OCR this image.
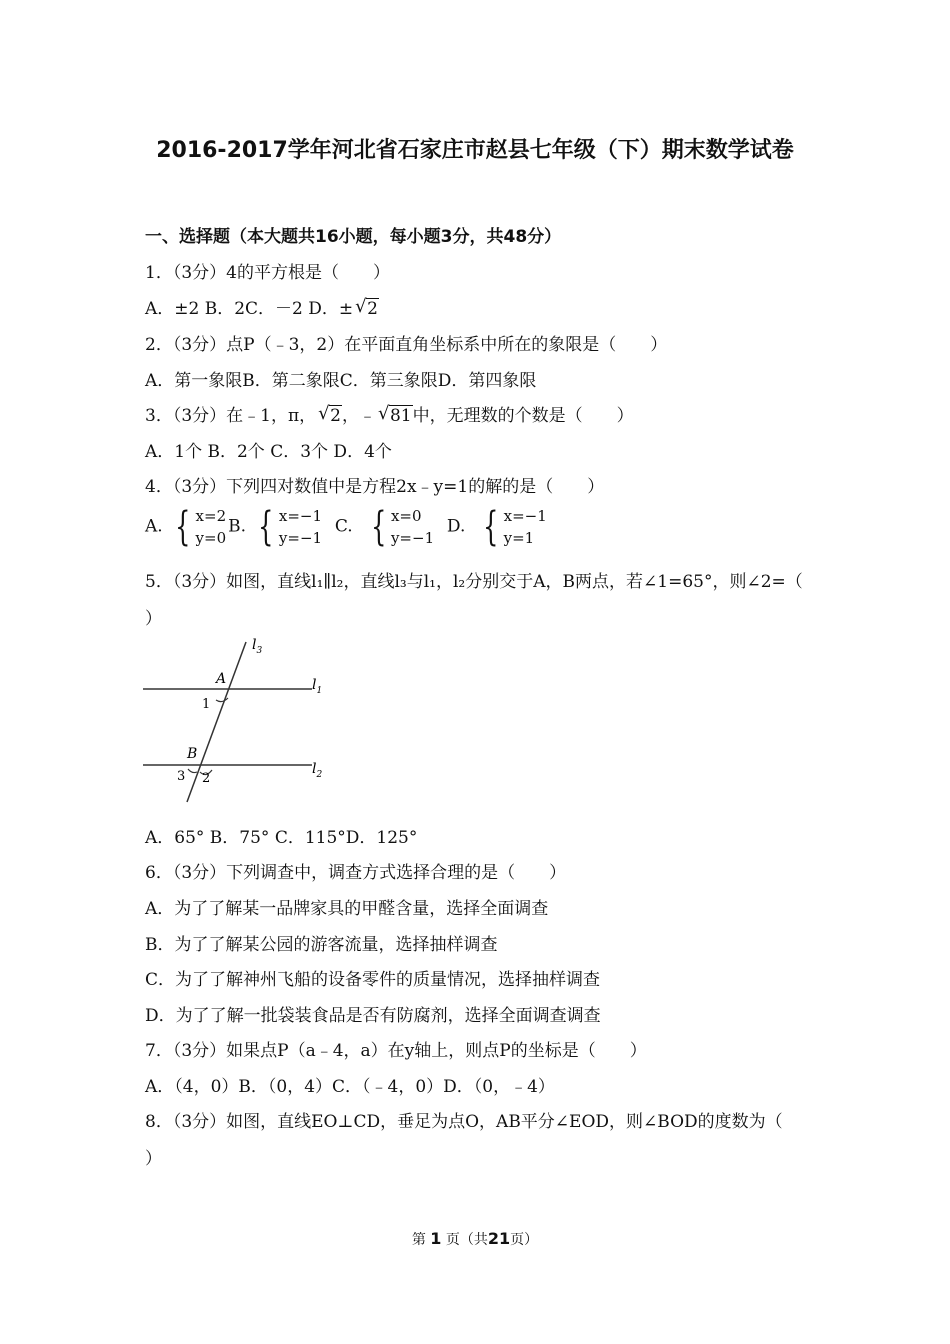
2016-2017学年河北省石家庄市赵县七年级（下）期末数学试卷
一、选择题（本大题共16小题，每小题3分，共48分）
1．（3分）4的平方根是（　　）
A．±2 B．2C．－2 D．± √ 2
2．（3分）点P（﹣3，2）在平面直角坐标系中所在的象限是（　　）
A．第一象限B．第二象限C．第三象限D．第四象限
3．（3分）在﹣1，π， √ 2，﹣ √ 81中，无理数的个数是（　　）
A．1个 B．2个 C．3个 D．4个
4．（3分）下列四对数值中是方程2x﹣y=1的解的是（　　）
A. { x=2
y=0B. { x=−1
y=−1  C. { x=0
y=−1  D. { x=−1
y=1
5．（3分）如图，直线l₁∥l₂，直线l₃与l₁，l₂分别交于A，B两点，若∠1=65°，则∠2=（
）
$l_3$
$l_1$
$l_2$
A
B
1
2
3
A．65° B．75° C．115°D．125°
6．（3分）下列调查中，调查方式选择合理的是（　　）
A．为了了解某一品牌家具的甲醛含量，选择全面调查
B．为了了解某公园的游客流量，选择抽样调查
C．为了了解神州飞船的设备零件的质量情况，选择抽样调查
D．为了了解一批袋装食品是否有防腐剂，选择全面调查调查
7．（3分）如果点P（a﹣4，a）在y轴上，则点P的坐标是（　　）
A．（4，0）B．（0，4）C．（﹣4，0）D．（0，﹣4）
8．（3分）如图，直线EO⊥CD，垂足为点O，AB平分∠EOD，则∠BOD的度数为（
）
第 1 页（共21页）
